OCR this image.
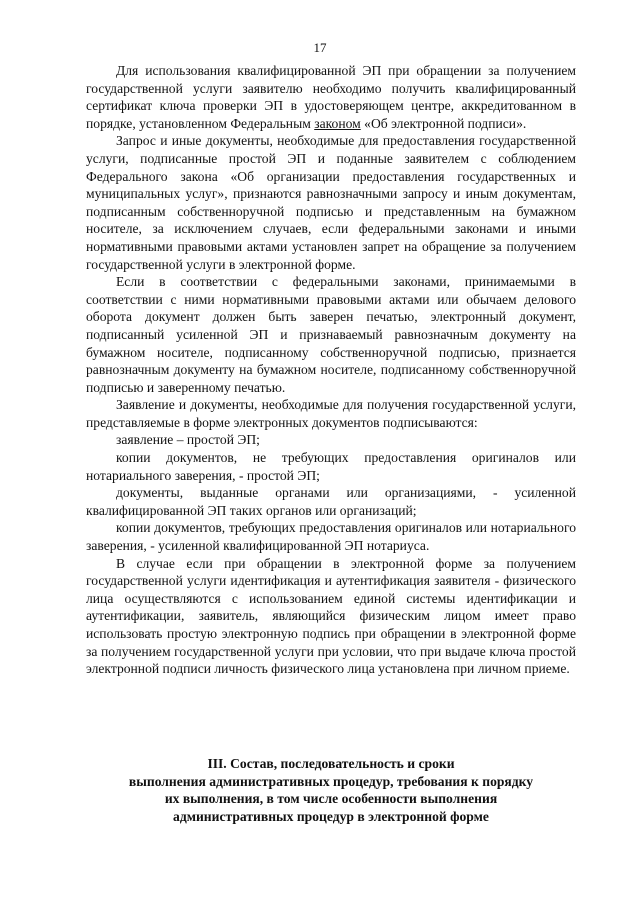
17

Для использования квалифицированной ЭП при обращении за получением государственной услуги заявителю необходимо получить квалифицированный сертификат ключа проверки ЭП в удостоверяющем центре, аккредитованном в порядке, установленном Федеральным законом «Об электронной подписи».

Запрос и иные документы, необходимые для предоставления государственной услуги, подписанные простой ЭП и поданные заявителем с соблюдением Федерального закона «Об организации предоставления государственных и муниципальных услуг», признаются равнозначными запросу и иным документам, подписанным собственноручной подписью и представленным на бумажном носителе, за исключением случаев, если федеральными законами и иными нормативными правовыми актами установлен запрет на обращение за получением государственной услуги в электронной форме.

Если в соответствии с федеральными законами, принимаемыми в соответствии с ними нормативными правовыми актами или обычаем делового оборота документ должен быть заверен печатью, электронный документ, подписанный усиленной ЭП и признаваемый равнозначным документу на бумажном носителе, подписанному собственноручной подписью, признается равнозначным документу на бумажном носителе, подписанному собственноручной подписью и заверенному печатью.

Заявление и документы, необходимые для получения государственной услуги, представляемые в форме электронных документов подписываются:

заявление – простой ЭП;

копии документов, не требующих предоставления оригиналов или нотариального заверения, - простой ЭП;

документы, выданные органами или организациями, - усиленной квалифицированной ЭП таких органов или организаций;

копии документов, требующих предоставления оригиналов или нотариального заверения, - усиленной квалифицированной ЭП нотариуса.

В случае если при обращении в электронной форме за получением государственной услуги идентификация и аутентификация заявителя - физического лица осуществляются с использованием единой системы идентификации и аутентификации, заявитель, являющийся физическим лицом имеет право использовать простую электронную подпись при обращении в электронной форме за получением государственной услуги при условии, что при выдаче ключа простой электронной подписи личность физического лица установлена при личном приеме.

III. Состав, последовательность и сроки
выполнения административных процедур, требования к порядку
их выполнения, в том числе особенности выполнения
административных процедур в электронной форме
